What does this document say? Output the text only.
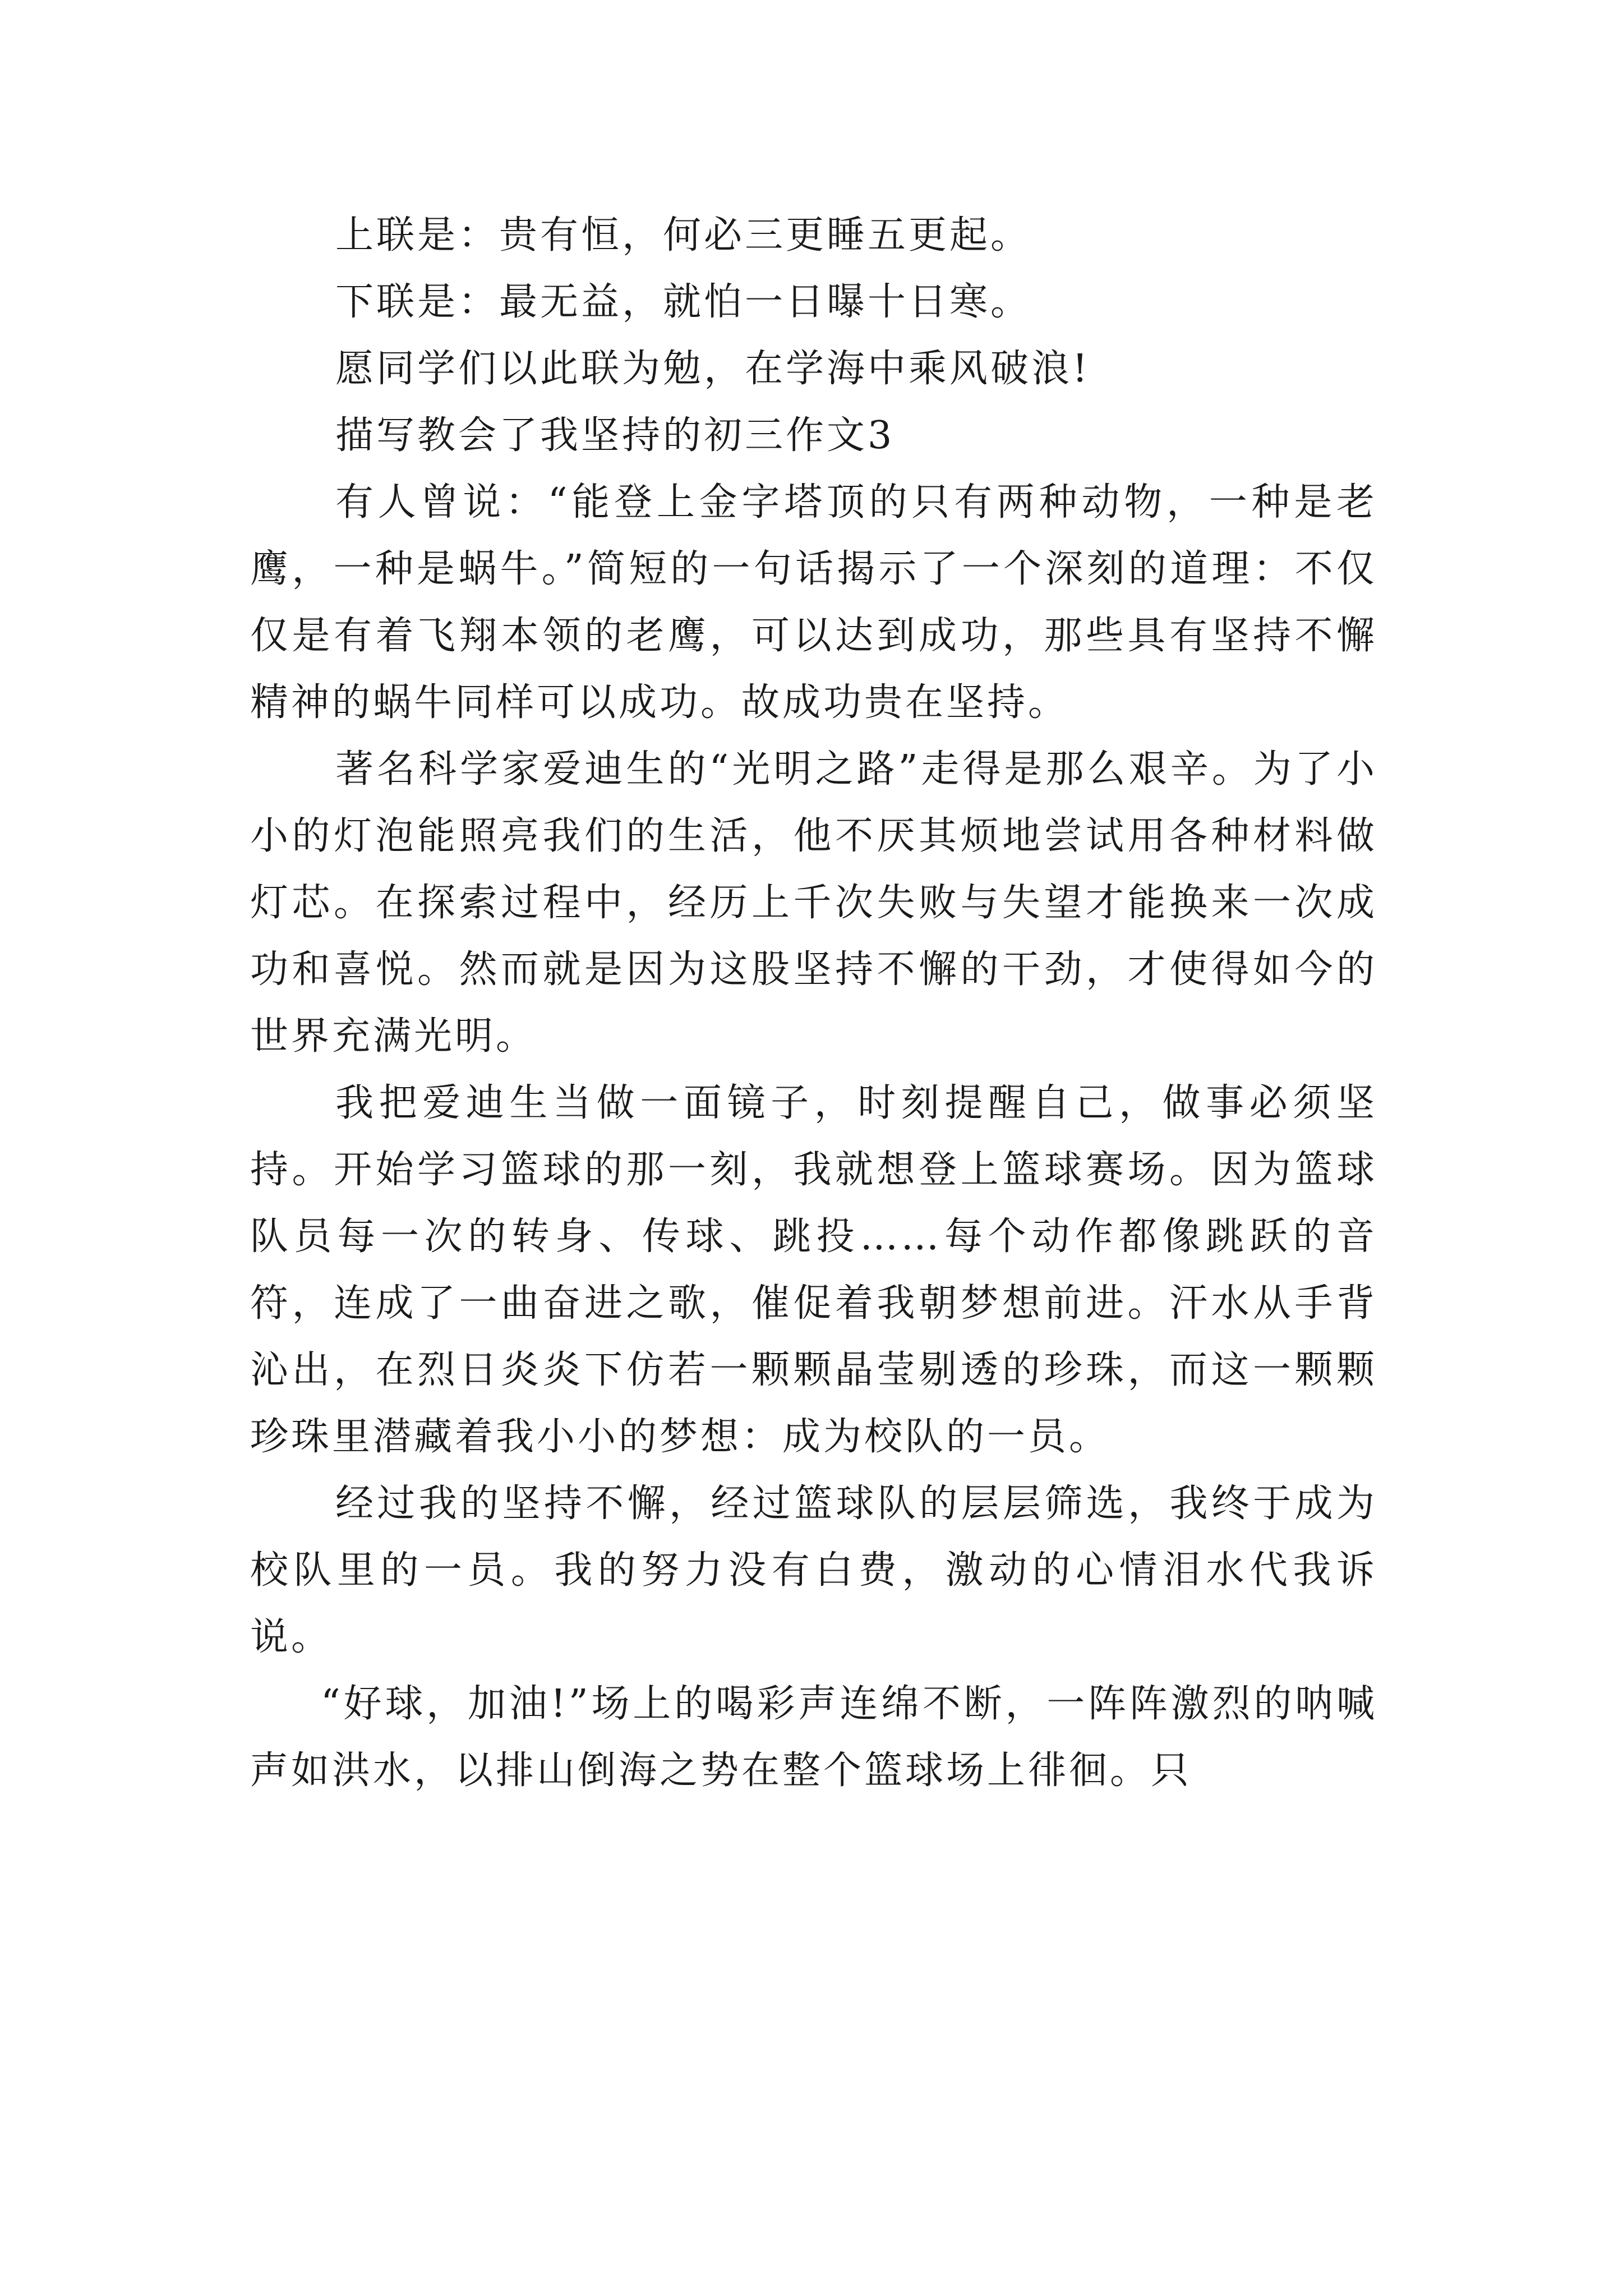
上联是：贵有恒，何必三更睡五更起。

下联是：最无益，就怕一日曝十日寒。

愿同学们以此联为勉，在学海中乘风破浪!

描写教会了我坚持的初三作文3

有人曾说：“能登上金字塔顶的只有两种动物，一种是老鹰，一种是蜗牛。”简短的一句话揭示了一个深刻的道理：不仅仅是有着飞翔本领的老鹰，可以达到成功，那些具有坚持不懈精神的蜗牛同样可以成功。故成功贵在坚持。

著名科学家爱迪生的“光明之路”走得是那么艰辛。为了小小的灯泡能照亮我们的生活，他不厌其烦地尝试用各种材料做灯芯。在探索过程中，经历上千次失败与失望才能换来一次成功和喜悦。然而就是因为这股坚持不懈的干劲，才使得如今的世界充满光明。

我把爱迪生当做一面镜子，时刻提醒自己，做事必须坚持。开始学习篮球的那一刻，我就想登上篮球赛场。因为篮球队员每一次的转身、传球、跳投……每个动作都像跳跃的音符，连成了一曲奋进之歌，催促着我朝梦想前进。汗水从手背沁出，在烈日炎炎下仿若一颗颗晶莹剔透的珍珠，而这一颗颗珍珠里潜藏着我小小的梦想：成为校队的一员。

经过我的坚持不懈，经过篮球队的层层筛选，我终于成为校队里的一员。我的努力没有白费，激动的心情泪水代我诉说。

“好球，加油!”场上的喝彩声连绵不断，一阵阵激烈的呐喊声如洪水，以排山倒海之势在整个篮球场上徘徊。只
